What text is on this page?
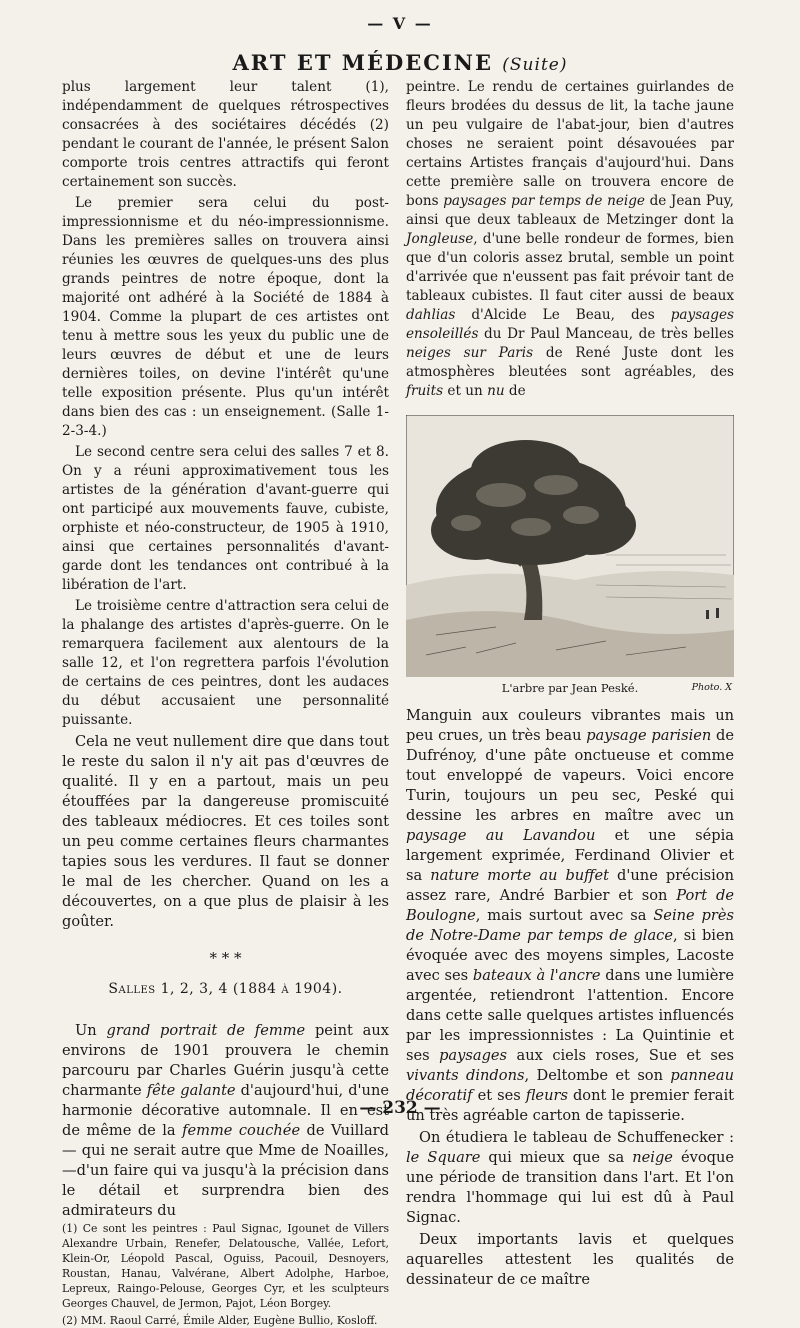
— V —
ART ET MÉDECINE (Suite)

plus largement leur talent (1), indépendamment de quelques rétrospectives consacrées à des sociétaires décédés (2) pendant le courant de l'année, le présent Salon comporte trois centres attractifs qui feront certainement son succès.

Le premier sera celui du post-impressionnisme et du néo-impressionnisme. Dans les premières salles on trouvera ainsi réunies les œuvres de quelques-uns des plus grands peintres de notre époque, dont la majorité ont adhéré à la Société de 1884 à 1904. Comme la plupart de ces artistes ont tenu à mettre sous les yeux du public une de leurs œuvres de début et une de leurs dernières toiles, on devine l'intérêt qu'une telle exposition présente. Plus qu'un intérêt dans bien des cas : un enseignement. (Salle 1-2-3-4.)

Le second centre sera celui des salles 7 et 8. On y a réuni approximativement tous les artistes de la génération d'avant-guerre qui ont participé aux mouvements fauve, cubiste, orphiste et néo-constructeur, de 1905 à 1910, ainsi que certaines personnalités d'avant-garde dont les tendances ont contribué à la libération de l'art.

Le troisième centre d'attraction sera celui de la phalange des artistes d'après-guerre. On le remarquera facilement aux alentours de la salle 12, et l'on regrettera parfois l'évolution de certains de ces peintres, dont les audaces du début accusaient une personnalité puissante.

Cela ne veut nullement dire que dans tout le reste du salon il n'y ait pas d'œuvres de qualité. Il y en a partout, mais un peu étouffées par la dangereuse promiscuité des tableaux médiocres. Et ces toiles sont un peu comme certaines fleurs charmantes tapies sous les verdures. Il faut se donner le mal de les chercher. Quand on les a découvertes, on a que plus de plaisir à les goûter.

* * *
Salles 1, 2, 3, 4 (1884 à 1904).

Un grand portrait de femme peint aux environs de 1901 prouvera le chemin parcouru par Charles Guérin jusqu'à cette charmante fête galante d'aujourd'hui, d'une harmonie décorative automnale. Il en est de même de la femme couchée de Vuillard — qui ne serait autre que Mme de Noailles,—d'un faire qui va jusqu'à la précision dans le détail et surprendra bien des admirateurs du

(1) Ce sont les peintres : Paul Signac, Igounet de Villers Alexandre Urbain, Renefer, Delatousche, Vallée, Lefort, Klein-Or, Léopold Pascal, Oguiss, Pacouil, Desnoyers, Roustan, Hanau, Valvérane, Albert Adolphe, Harboe, Lepreux, Raingo-Pelouse, Georges Cyr, et les sculpteurs Georges Chauvel, de Jermon, Pajot, Léon Borgey.

(2) MM. Raoul Carré, Émile Alder, Eugène Bullio, Kosloff.

peintre. Le rendu de certaines guirlandes de fleurs brodées du dessus de lit, la tache jaune un peu vulgaire de l'abat-jour, bien d'autres choses ne seraient point désavouées par certains Artistes français d'aujourd'hui. Dans cette première salle on trouvera encore de bons paysages par temps de neige de Jean Puy, ainsi que deux tableaux de Metzinger dont la Jongleuse, d'une belle rondeur de formes, bien que d'un coloris assez brutal, semble un point d'arrivée que n'eussent pas fait prévoir tant de tableaux cubistes. Il faut citer aussi de beaux dahlias d'Alcide Le Beau, des paysages ensoleillés du Dr Paul Manceau, de très belles neiges sur Paris de René Juste dont les atmosphères bleutées sont agréables, des fruits et un nu de

Photo. X
L'arbre par Jean Peské.

Manguin aux couleurs vibrantes mais un peu crues, un très beau paysage parisien de Dufrénoy, d'une pâte onctueuse et comme tout enveloppé de vapeurs. Voici encore Turin, toujours un peu sec, Peské qui dessine les arbres en maître avec un paysage au Lavandou et une sépia largement exprimée, Ferdinand Olivier et sa nature morte au buffet d'une précision assez rare, André Barbier et son Port de Boulogne, mais surtout avec sa Seine près de Notre-Dame par temps de glace, si bien évoquée avec des moyens simples, Lacoste avec ses bateaux à l'ancre dans une lumière argentée, retiendront l'attention. Encore dans cette salle quelques artistes influencés par les impressionnistes : La Quintinie et ses paysages aux ciels roses, Sue et ses vivants dindons, Deltombe et son panneau décoratif et ses fleurs dont le premier ferait un très agréable carton de tapisserie.

On étudiera le tableau de Schuffenecker : le Square qui mieux que sa neige évoque une période de transition dans l'art. Et l'on rendra l'hommage qui lui est dû à Paul Signac.

Deux importants lavis et quelques aquarelles attestent les qualités de dessinateur de ce maître

— 232 —
